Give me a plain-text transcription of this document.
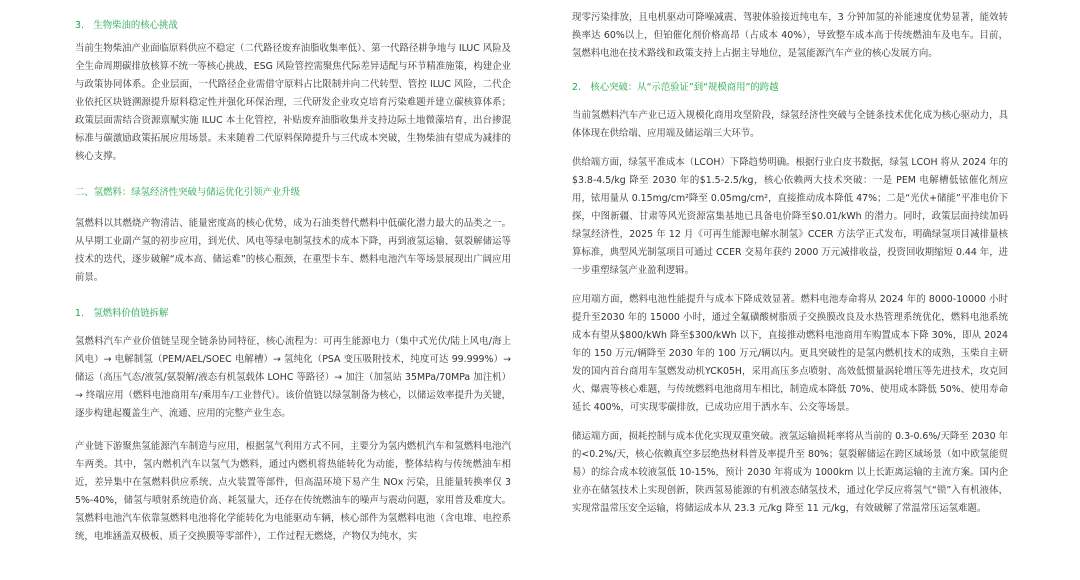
3.　生物柴油的核心挑战

当前生物柴油产业面临原料供应不稳定（二代路径废弃油脂收集率低）、第一代路径耕争地与 ILUC 风险及全生命周期碳排放核算不统一等核心挑战，ESG 风险管控需聚焦代际差异适配与环节精准施策，构建企业与政策协同体系。企业层面，一代路径企业需借守原料占比限制并向二代转型、管控 ILUC 风险，二代企业依托区块链溯源提升原料稳定性并强化环保治理，三代研发企业攻克培育污染难题并建立碳核算体系；政策层面需结合资源禀赋实施 ILUC 本土化管控，补贴废弃油脂收集并支持边际土地微藻培育，出台掺混标准与碳激励政策拓展应用场景。未来随着二代原料保障提升与三代成本突破，生物柴油有望成为减排的核心支撑。

二、氢燃料：绿氢经济性突破与储运优化引领产业升级

氢燃料以其燃烧产物清洁、能量密度高的核心优势，成为石油类替代燃料中低碳化潜力最大的品类之一。从早期工业副产氢的初步应用，到光伏、风电等绿电制氢技术的成本下降，再到液氢运输、氨裂解储运等技术的迭代，逐步破解“成本高、储运难”的核心瓶颈，在重型卡车、燃料电池汽车等场景展现出广阔应用前景。

1.　氢燃料价值链拆解

氢燃料汽车产业价值链呈现全链条协同特征，核心流程为：可再生能源电力（集中式光伏/陆上风电/海上风电）→ 电解制氢（PEM/AEL/SOEC 电解槽）→ 氢纯化（PSA 变压吸附技术，纯度可达 99.999%）→储运（高压气态/液氢/氨裂解/液态有机氢载体 LOHC 等路径）→ 加注（加氢站 35MPa/70MPa 加注机）→ 终端应用（燃料电池商用车/乘用车/工业替代）。该价值链以绿氢制备为核心，以储运效率提升为关键，逐步构建起覆盖生产、流通、应用的完整产业生态。

产业链下游聚焦氢能源汽车制造与应用，根据氢气利用方式不同，主要分为氢内燃机汽车和氢燃料电池汽车两类。其中，氢内燃机汽车以氢气为燃料，通过内燃机将热能转化为动能，整体结构与传统燃油车相近，差异集中在氢燃料供应系统、点火装置等部件，但高温环境下易产生 NOx 污染，且能量转换率仅 35%-40%，储氢与喷射系统造价高、耗氢量大，还存在传统燃油车的噪声与震动问题，家用普及难度大。氢燃料电池汽车依靠氢燃料电池将化学能转化为电能驱动车辆，核心部件为氢燃料电池（含电堆、电控系统，电堆涵盖双极板、质子交换膜等零部件），工作过程无燃烧，产物仅为纯水，实

现零污染排放，且电机驱动可降噪减震、驾驶体验接近纯电车，3 分钟加氢的补能速度优势显著，能效转换率达 60%以上，但铂催化剂价格高昂（占成本 40%），导致整车成本高于传统燃油车及电车。目前，氢燃料电池在技术路线和政策支持上占据主导地位，是氢能源汽车产业的核心发展方向。

2.　核心突破：从“示范验证”到“规模商用”的跨越

当前氢燃料汽车产业已迈入规模化商用攻坚阶段，绿氢经济性突破与全链条技术优化成为核心驱动力，具体体现在供给端、应用端及储运端三大环节。

供给端方面，绿氢平准成本（LCOH）下降趋势明确。根据行业白皮书数据，绿氢 LCOH 将从 2024 年的$3.8-4.5/kg 降至 2030 年的$1.5-2.5/kg，核心依赖两大技术突破：一是 PEM 电解槽低铱催化剂应用，铱用量从 0.15mg/cm²降至 0.05mg/cm²，直接推动成本降低 47%；二是“光伏+储能”平准电价下探，中图新疆、甘肃等风光资源富集基地已具备电价降至$0.01/kWh 的潜力。同时，政策层面持续加码绿氢经济性，2025 年 12 月《可再生能源电解水制氢》CCER 方法学正式发布，明确绿氢项目减排量核算标准，典型风光制氢项目可通过 CCER 交易年获约 2000 万元减排收益，投资回收期缩短 0.44 年，进一步重塑绿氢产业盈利逻辑。

应用端方面，燃料电池性能提升与成本下降成效显著。燃料电池寿命将从 2024 年的 8000-10000 小时提升至2030 年的 15000 小时，通过全氟磺酸树脂质子交换膜改良及水热管理系统优化，燃料电池系统成本有望从$800/kWh 降至$300/kWh 以下，直接推动燃料电池商用车购置成本下降 30%，即从 2024 年的 150 万元/辆降至 2030 年的 100 万元/辆以内。更具突破性的是氢内燃机技术的成熟，玉柴自主研发的国内首台商用车氢燃发动机YCK05H，采用高压多点喷射、高效低惯量涡轮增压等先进技术，攻克回火、爆震等核心难题，与传统燃料电池商用车相比，制造成本降低 70%、使用成本降低 50%、使用寿命延长 400%，可实现零碳排放，已成功应用于洒水车、公交等场景。

储运端方面，损耗控制与成本优化实现双重突破。液氢运输损耗率将从当前的 0.3-0.6%/天降至 2030 年的<0.2%/天，核心依赖真空多层绝热材料普及率提升至 80%；氨裂解储运在跨区域场景（如中欧氢能贸易）的综合成本较液氢低 10-15%，预计 2030 年将成为 1000km 以上长距离运输的主流方案。国内企业亦在储氢技术上实现创新，陕西氢易能源的有机液态储氢技术，通过化学反应将氢气“锁”入有机液体，实现常温常压安全运输，将储运成本从 23.3 元/kg 降至 11 元/kg，有效破解了常温常压运氢难题。
